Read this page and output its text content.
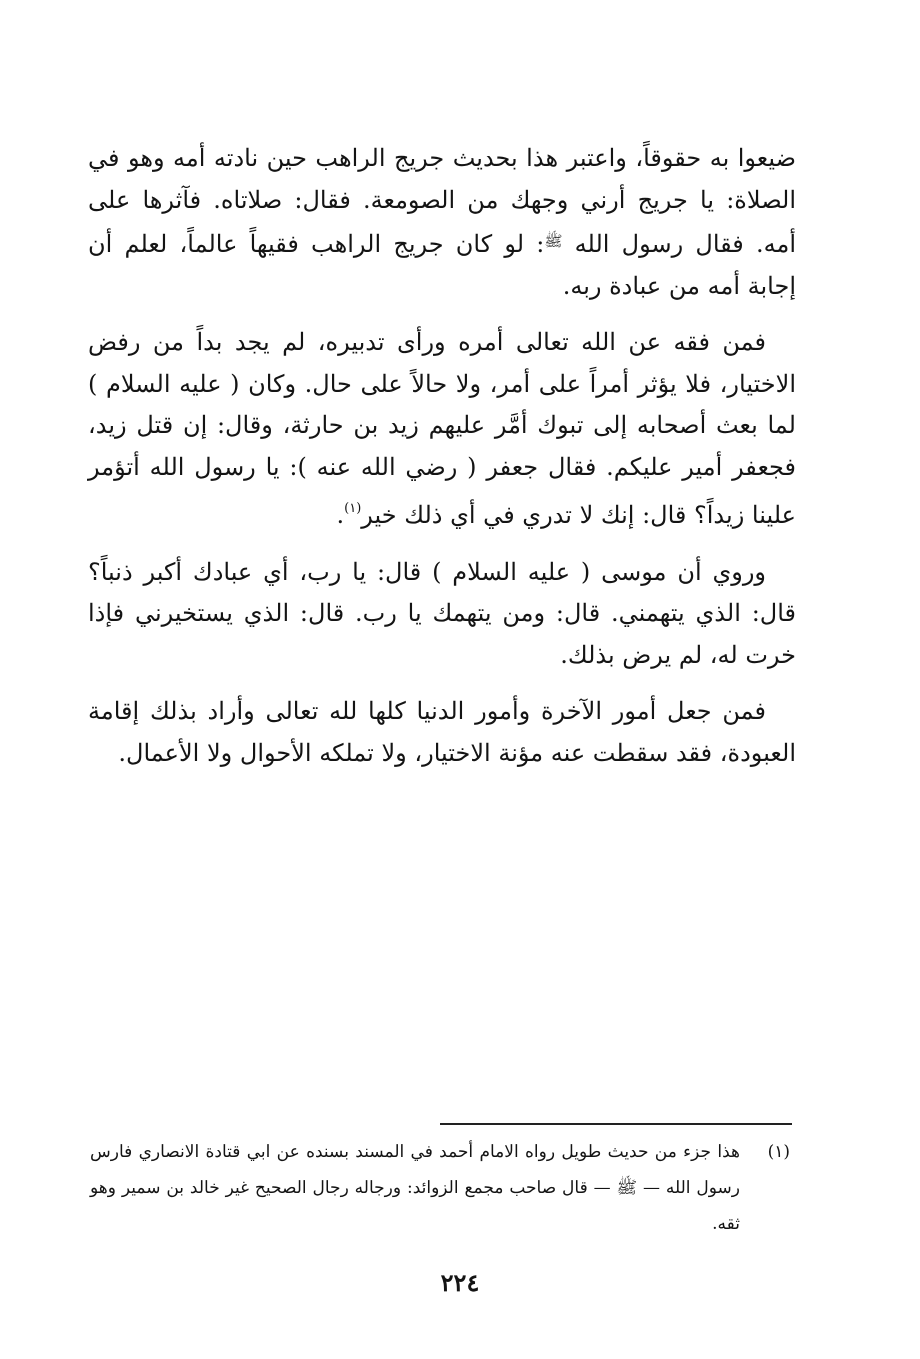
ضيعوا به حقوقاً، واعتبر هذا بحديث جريج الراهب حين نادته أمه وهو في الصلاة: يا جريج أرني وجهك من الصومعة. فقال: صلاتاه. فآثرها على أمه. فقال رسول الله $^ﷺ$: لو كان جريج الراهب فقيهاً عالماً، لعلم أن إجابة أمه من عبادة ربه.

فمن فقه عن الله تعالى أمره ورأى تدبيره، لم يجد بداً من رفض الاختيار، فلا يؤثر أمراً على أمر، ولا حالاً على حال. وكان ( عليه السلام ) لما بعث أصحابه إلى تبوك أمَّر عليهم زيد بن حارثة، وقال: إن قتل زيد، فجعفر أمير عليكم. فقال جعفر ( رضي الله عنه ): يا رسول الله أتؤمر علينا زيداً؟ قال: إنك لا تدري في أي ذلك خير$^{(١)}$.

وروي أن موسى ( عليه السلام ) قال: يا رب، أي عبادك أكبر ذنباً؟ قال: الذي يتهمني. قال: ومن يتهمك يا رب. قال: الذي يستخيرني فإذا خرت له، لم يرض بذلك.

فمن جعل أمور الآخرة وأمور الدنيا كلها لله تعالى وأراد بذلك إقامة العبودة، فقد سقطت عنه مؤنة الاختيار، ولا تملكه الأحوال ولا الأعمال.

(١)هذا جزء من حديث طويل رواه الامام أحمد في المسند بسنده عن ابي قتادة الانصاري فارس رسول الله — ﷺ — قال صاحب مجمع الزوائد: ورجاله رجال الصحيح غير خالد بن سمير وهو ثقه.

٢٢٤
